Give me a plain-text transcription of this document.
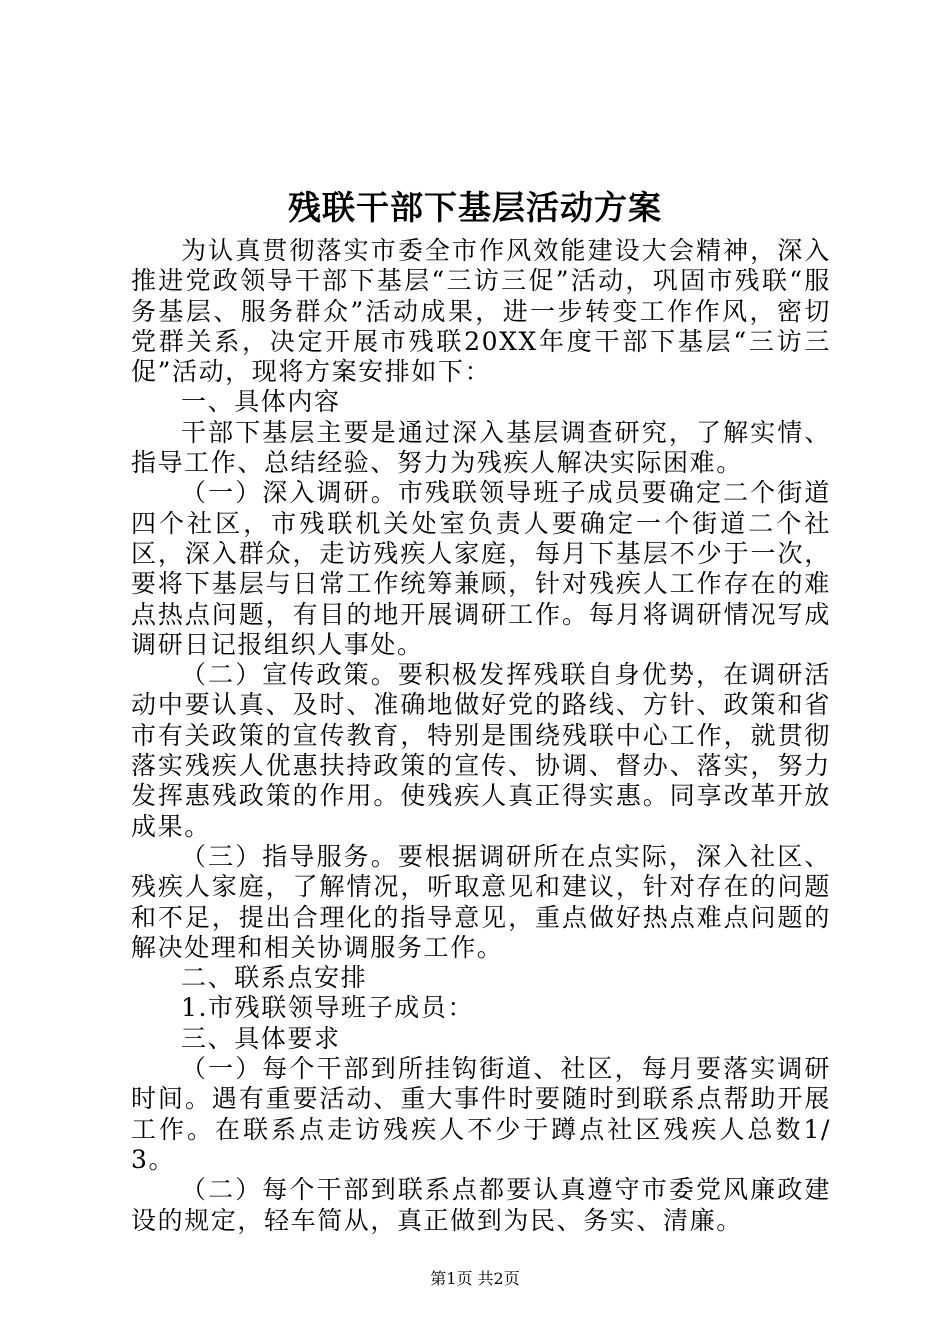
残联干部下基层活动方案

为认真贯彻落实市委全市作风效能建设大会精神，深入推进党政领导干部下基层“三访三促”活动，巩固市残联“服务基层、服务群众”活动成果，进一步转变工作作风，密切党群关系，决定开展市残联20XX年度干部下基层“三访三促”活动，现将方案安排如下：

一、具体内容

干部下基层主要是通过深入基层调查研究，了解实情、指导工作、总结经验、努力为残疾人解决实际困难。

（一）深入调研。市残联领导班子成员要确定二个街道四个社区，市残联机关处室负责人要确定一个街道二个社区，深入群众，走访残疾人家庭，每月下基层不少于一次，要将下基层与日常工作统筹兼顾，针对残疾人工作存在的难点热点问题，有目的地开展调研工作。每月将调研情况写成调研日记报组织人事处。

（二）宣传政策。要积极发挥残联自身优势，在调研活动中要认真、及时、准确地做好党的路线、方针、政策和省市有关政策的宣传教育，特别是围绕残联中心工作，就贯彻落实残疾人优惠扶持政策的宣传、协调、督办、落实，努力发挥惠残政策的作用。使残疾人真正得实惠。同享改革开放成果。

（三）指导服务。要根据调研所在点实际，深入社区、残疾人家庭，了解情况，听取意见和建议，针对存在的问题和不足，提出合理化的指导意见，重点做好热点难点问题的解决处理和相关协调服务工作。

二、联系点安排

1.市残联领导班子成员：

三、具体要求

（一）每个干部到所挂钩街道、社区，每月要落实调研时间。遇有重要活动、重大事件时要随时到联系点帮助开展工作。在联系点走访残疾人不少于蹲点社区残疾人总数1/3。

（二）每个干部到联系点都要认真遵守市委党风廉政建设的规定，轻车简从，真正做到为民、务实、清廉。

第1页 共2页
